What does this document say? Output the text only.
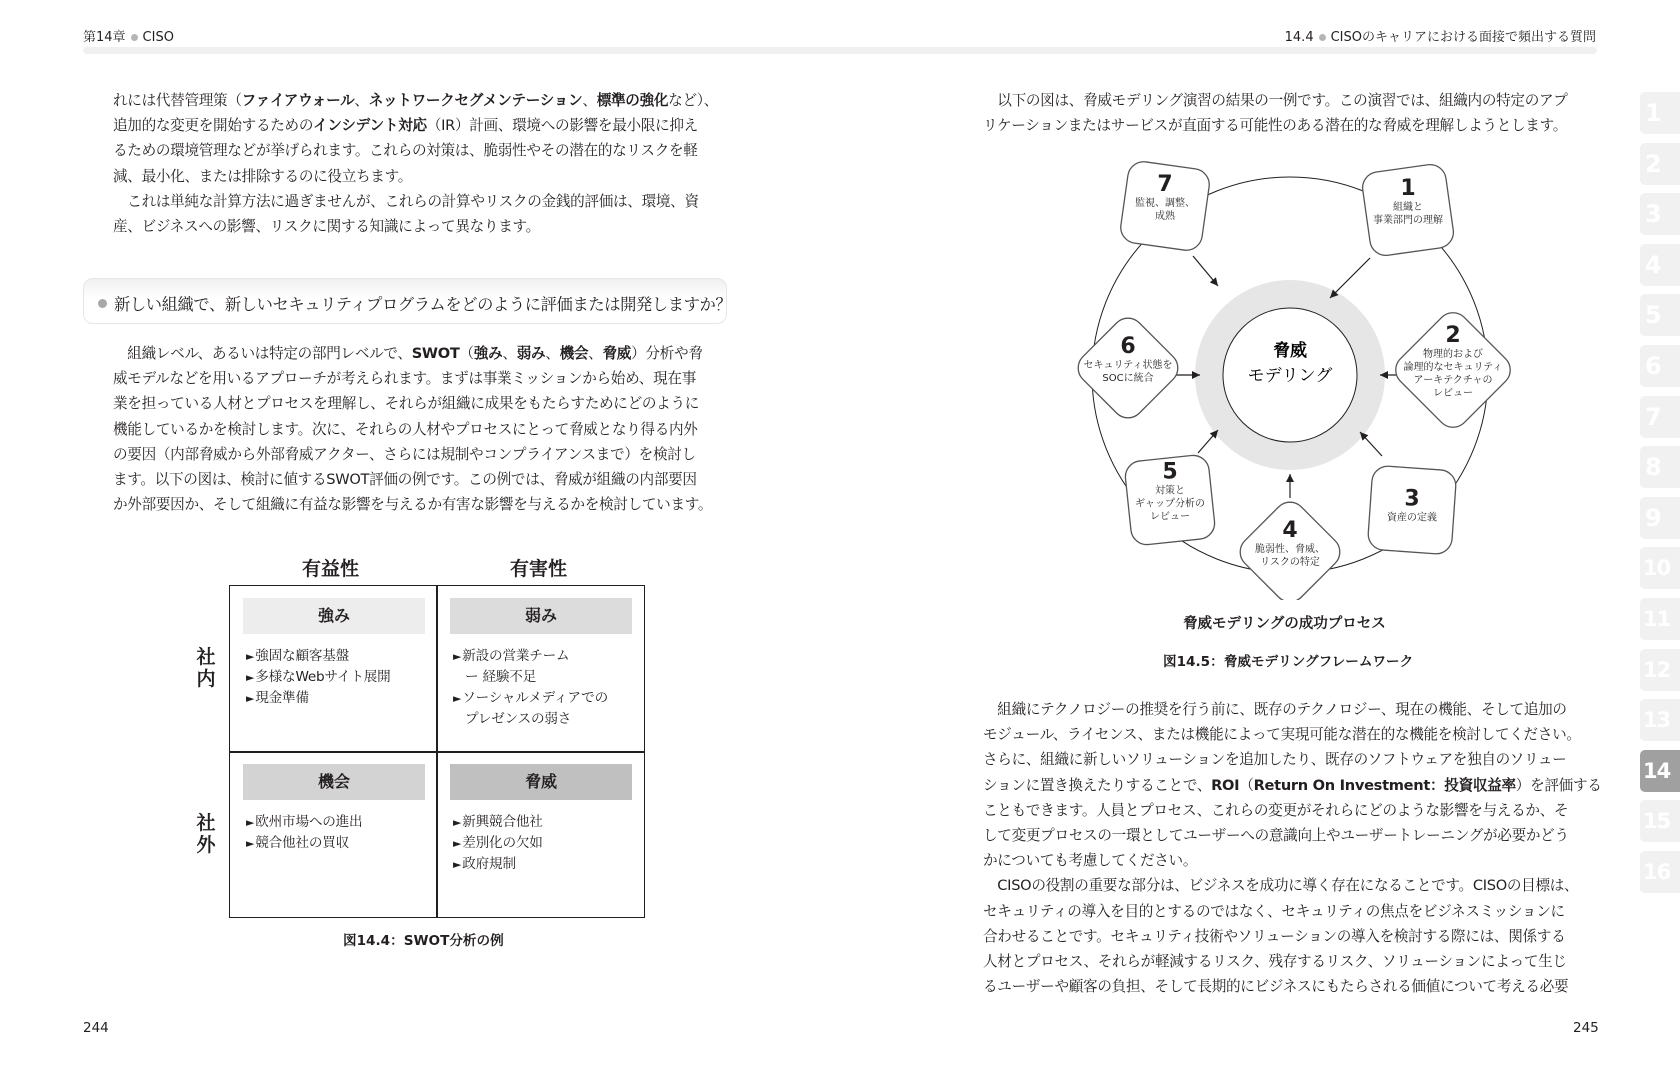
第14章 CISO	14.4 CISOのキャリアにおける面接で頻出する質問

れには代替管理策（ファイアウォール、ネットワークセグメンテーション、標準の強化など）、

追加的な変更を開始するためのインシデント対応（IR）計画、環境への影響を最小限に抑え

るための環境管理などが挙げられます。これらの対策は、脆弱性やその潜在的なリスクを軽

減、最小化、または排除するのに役立ちます。

　これは単純な計算方法に過ぎませんが、これらの計算やリスクの金銭的評価は、環境、資

産、ビジネスへの影響、リスクに関する知識によって異なります。

新しい組織で、新しいセキュリティプログラムをどのように評価または開発しますか？

　組織レベル、あるいは特定の部門レベルで、SWOT（強み、弱み、機会、脅威）分析や脅

威モデルなどを用いるアプローチが考えられます。まずは事業ミッションから始め、現在事

業を担っている人材とプロセスを理解し、それらが組織に成果をもたらすためにどのように

機能しているかを検討します。次に、それらの人材やプロセスにとって脅威となり得る内外

の要因（内部脅威から外部脅威アクター、さらには規制やコンプライアンスまで）を検討し

ます。以下の図は、検討に値するSWOT評価の例です。この例では、脅威が組織の内部要因

か外部要因か、そして組織に有益な影響を与えるか有害な影響を与えるかを検討しています。

有益性	有害性
社内
社外
強み
►強固な顧客基盤
►多様なWebサイト展開
►現金準備
弱み
►新設の営業チーム
ー 経験不足
►ソーシャルメディアでの
プレゼンスの弱さ
機会
►欧州市場への進出
►競合他社の買収
脅威
►新興競合他社
►差別化の欠如
►政府規制
図14.4：SWOT分析の例
244

　以下の図は、脅威モデリング演習の結果の一例です。この演習では、組織内の特定のアプ

リケーションまたはサービスが直面する可能性のある潜在的な脅威を理解しようとします。

脅威
モデリング
1
組織と
事業部門の理解
2
物理的および
論理的なセキュリティ
アーキテクチャの
レビュー
3
資産の定義
4
脆弱性、脅威、
リスクの特定
5
対策と
ギャップ分析の
レビュー
6
セキュリティ状態を
SOCに統合
7
監視、調整、
成熟
脅威モデリングの成功プロセス
図14.5：脅威モデリングフレームワーク

　組織にテクノロジーの推奨を行う前に、既存のテクノロジー、現在の機能、そして追加の

モジュール、ライセンス、または機能によって実現可能な潜在的な機能を検討してください。

さらに、組織に新しいソリューションを追加したり、既存のソフトウェアを独自のソリュー

ションに置き換えたりすることで、ROI（Return On Investment：投資収益率）を評価する

こともできます。人員とプロセス、これらの変更がそれらにどのような影響を与えるか、そ

して変更プロセスの一環としてユーザーへの意識向上やユーザートレーニングが必要かどう

かについても考慮してください。

　CISOの役割の重要な部分は、ビジネスを成功に導く存在になることです。CISOの目標は、

セキュリティの導入を目的とするのではなく、セキュリティの焦点をビジネスミッションに

合わせることです。セキュリティ技術やソリューションの導入を検討する際には、関係する

人材とプロセス、それらが軽減するリスク、残存するリスク、ソリューションによって生じ

るユーザーや顧客の負担、そして長期的にビジネスにもたらされる価値について考える必要

245
1
2
3
4
5
6
7
8
9
10
11
12
13
14
15
16
